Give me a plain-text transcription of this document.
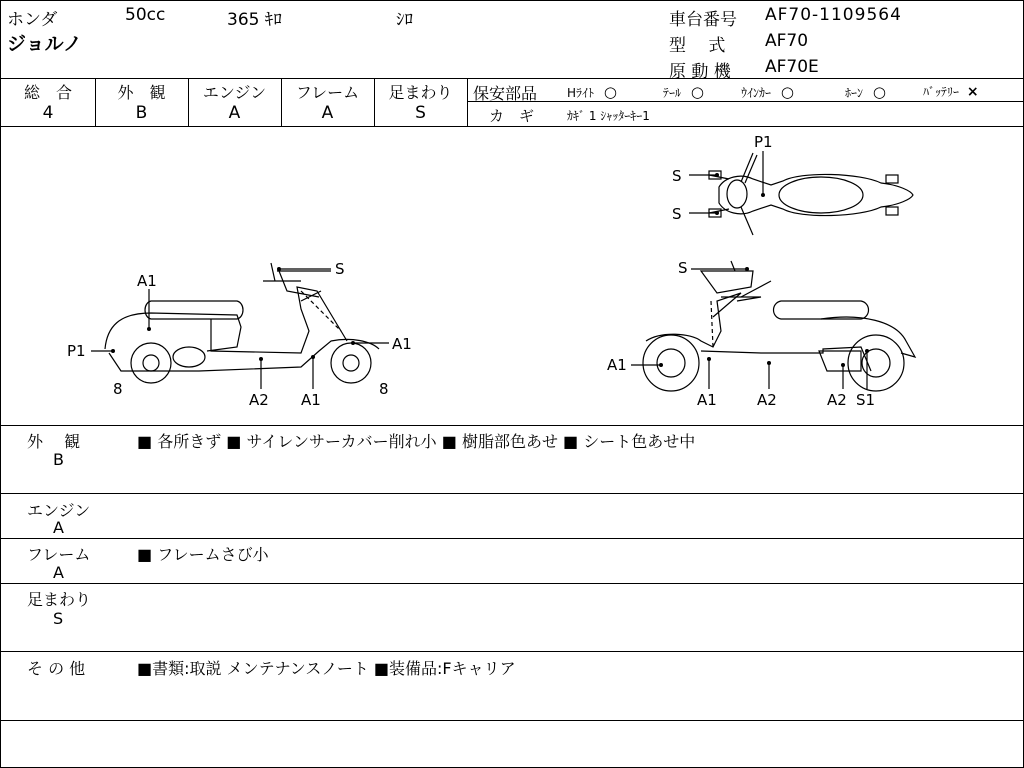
ホンダ	50cc	365 ｷﾛ	ｼﾛ
ジョルノ
車台番号 AF70-1109564
型　 式 AF70
原 動 機 AF70E
総　合
4
外　観
B
エンジン
A
フレーム
A
足まわり
S
保安部品 Hﾗｲﾄ ○	ﾃｰﾙ ○	ｳｲﾝｶｰ ○	ﾎｰﾝ ○	ﾊﾞｯﾃﾘｰ ×
カ　ギ	ｶｷﾞ 1 ｼｬｯﾀｰｷｰ1
S
S
P1
A1
P1
8
A2 A1
A1
8
S	S
A1
A1	A2	A2 S1
外　 観
B
■ 各所きず ■ サイレンサーカバー削れ小 ■ 樹脂部色あせ ■ シート色あせ中
エンジン
A
フレーム
A
■ フレームさび小
足まわり
S
そ の 他	■書類:取説 メンテナンスノート ■装備品:Fキャリア
